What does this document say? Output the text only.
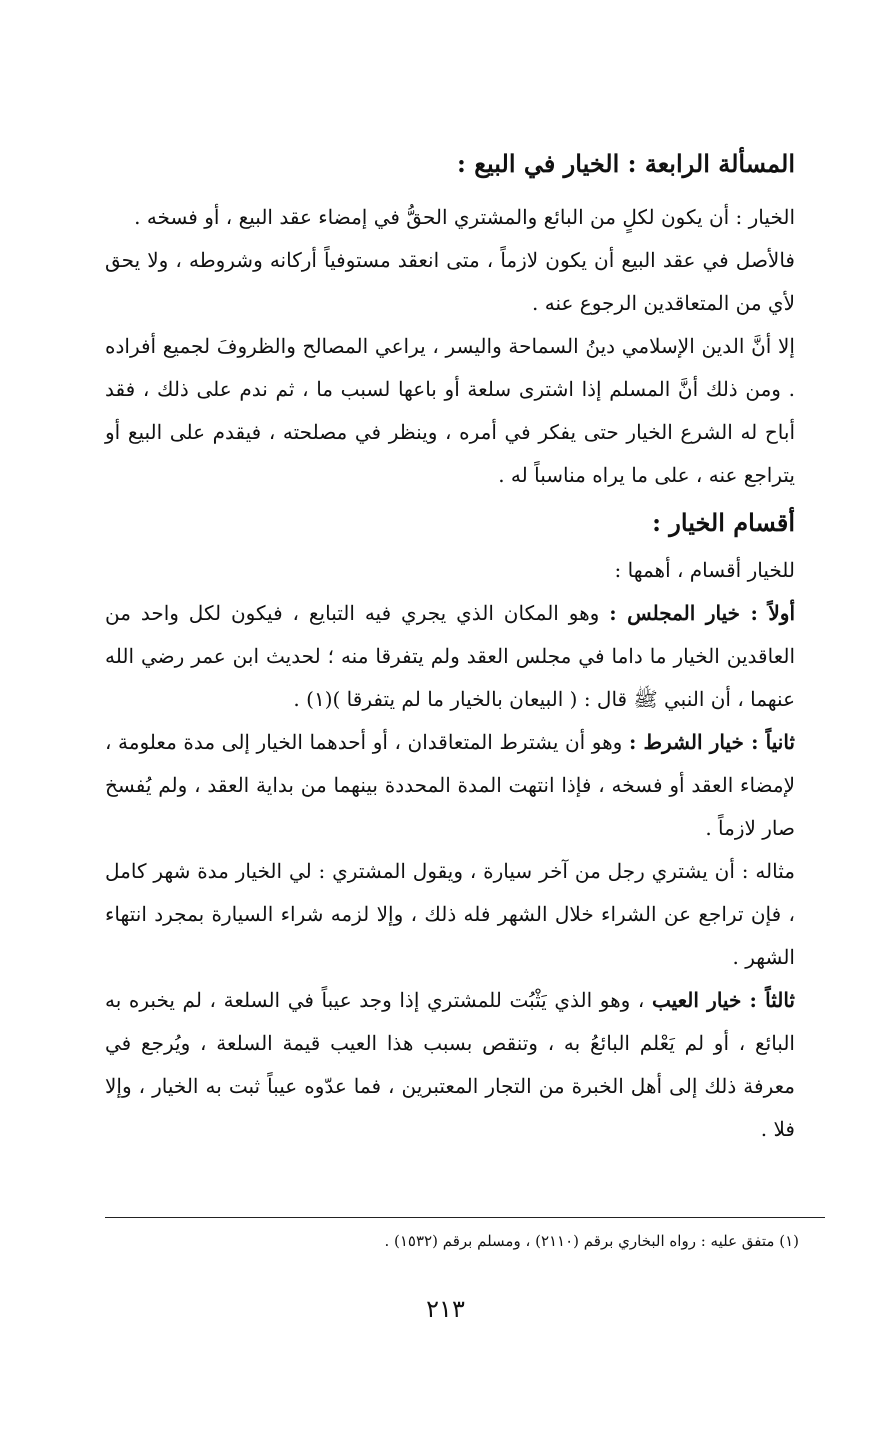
المسألة الرابعة : الخيار في البيع :

الخيار : أن يكون لكلٍ من البائع والمشتري الحقُّ في إمضاء عقد البيع ، أو فسخه .

فالأصل في عقد البيع أن يكون لازماً ، متى انعقد مستوفياً أركانه وشروطه ، ولا يحق لأي من المتعاقدين الرجوع عنه .

إلا أنَّ الدين الإسلامي دينُ السماحة واليسر ، يراعي المصالح والظروفَ لجميع أفراده . ومن ذلك أنَّ المسلم إذا اشترى سلعة أو باعها لسبب ما ، ثم ندم على ذلك ، فقد أباح له الشرع الخيار حتى يفكر في أمره ، وينظر في مصلحته ، فيقدم على البيع أو يتراجع عنه ، على ما يراه مناسباً له .

أقسام الخيار :

للخيار أقسام ، أهمها :

أولاً : خيار المجلس : وهو المكان الذي يجري فيه التبايع ، فيكون لكل واحد من العاقدين الخيار ما داما في مجلس العقد ولم يتفرقا منه ؛ لحديث ابن عمر رضي الله عنهما ، أن النبي ﷺ قال : ( البيعان بالخيار ما لم يتفرقا )(١) .

ثانياً : خيار الشرط : وهو أن يشترط المتعاقدان ، أو أحدهما الخيار إلى مدة معلومة ، لإمضاء العقد أو فسخه ، فإذا انتهت المدة المحددة بينهما من بداية العقد ، ولم يُفسخ صار لازماً .

مثاله : أن يشتري رجل من آخر سيارة ، ويقول المشتري : لي الخيار مدة شهر كامل ، فإن تراجع عن الشراء خلال الشهر فله ذلك ، وإلا لزمه شراء السيارة بمجرد انتهاء الشهر .

ثالثاً : خيار العيب ، وهو الذي يَثْبُت للمشتري إذا وجد عيباً في السلعة ، لم يخبره به البائع ، أو لم يَعْلم البائعُ به ، وتنقص بسبب هذا العيب قيمة السلعة ، ويُرجع في معرفة ذلك إلى أهل الخبرة من التجار المعتبرين ، فما عدّوه عيباً ثبت به الخيار ، وإلا فلا .

(١) متفق عليه : رواه البخاري برقم (٢١١٠) ، ومسلم برقم (١٥٣٢) .
٢١٣
